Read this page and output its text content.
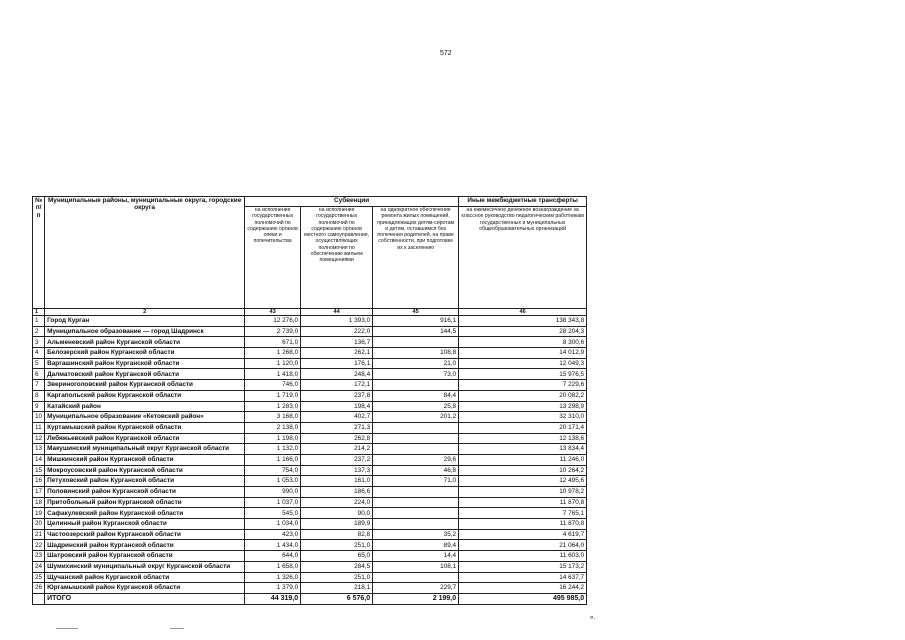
572
№ п/п	Муниципальные районы, муниципальные округа, городские округа	Субвенции			Иные межбюджетные трансферты
		на исполнение государственных полномочий по содержанию органов опеки и попечительства	на исполнение государственных полномочий по содержанию органов местного самоуправления, осуществляющих полномочия по обеспечению жильем помещениями	на однократное обеспечение ремонта жилых помещений, принадлежащих детям-сиротам и детям, оставшимся без попечения родителей, на праве собственности, при подготовке их к заселению	на ежемесячное денежное вознаграждение за классное руководство педагогическим работникам государственных и муниципальных общеобразовательных организаций
1	2	43	44	45	46
1	Город Курган	12 276,0	1 393,0	916,1	138 343,8
2	Муниципальное образование — город Шадринск	2 739,0	222,0	144,5	28 204,3
3	Альменевский район Курганской области	671,0	136,7		8 300,6
4	Белозерский район Курганской области	1 268,0	262,1	108,8	14 012,9
5	Варгашинский район Курганской области	1 120,0	176,1	21,0	12 049,3
6	Далматовский район Курганской области	1 418,0	248,4	73,0	15 976,5
7	Звериноголовский район Курганской области	746,0	172,1		7 229,6
8	Каргапольский район Курганской области	1 719,0	237,8	84,4	20 082,2
9	Катайский район	1 283,0	198,4	25,8	13 298,9
10	Муниципальное образование «Кетовский район»	3 168,0	402,7	201,2	32 310,0
11	Куртамышский район Курганской области	2 138,0	271,3		20 171,4
12	Лебяжьевский район Курганской области	1 198,0	262,8		12 138,6
13	Макушинский муниципальный округ Курганской области	1 132,0	214,2		13 834,4
14	Мишкинский район Курганской области	1 166,0	237,2	29,6	11 246,0
15	Мокроусовский район Курганской области	754,0	137,3	46,8	10 264,2
16	Петуховский район Курганской области	1 053,0	161,0	71,0	12 495,6
17	Половинский район Курганской области	990,0	186,6		10 978,2
18	Притобольный район Курганской области	1 037,0	224,0		11 870,8
19	Сафакулевский район Курганской области	545,0	90,0		7 765,1
20	Целинный район Курганской области	1 034,0	189,9		11 870,8
21	Частоозерский район Курганской области	423,0	82,8	35,2	4 619,7
22	Шадринский район Курганской области	1 434,0	251,0	89,4	21 064,0
23	Шатровский район Курганской области	644,0	65,0	14,4	11 603,0
24	Шумихинский муниципальный округ Курганской области	1 658,0	284,5	108,1	15 173,2
25	Щучанский район Курганской области	1 326,0	251,0		14 637,7
26	Юргамышский район Курганской области	1 379,0	218,1	229,7	16 244,2
	ИТОГО	44 319,0	6 576,0	2 199,0	495 985,0
».
